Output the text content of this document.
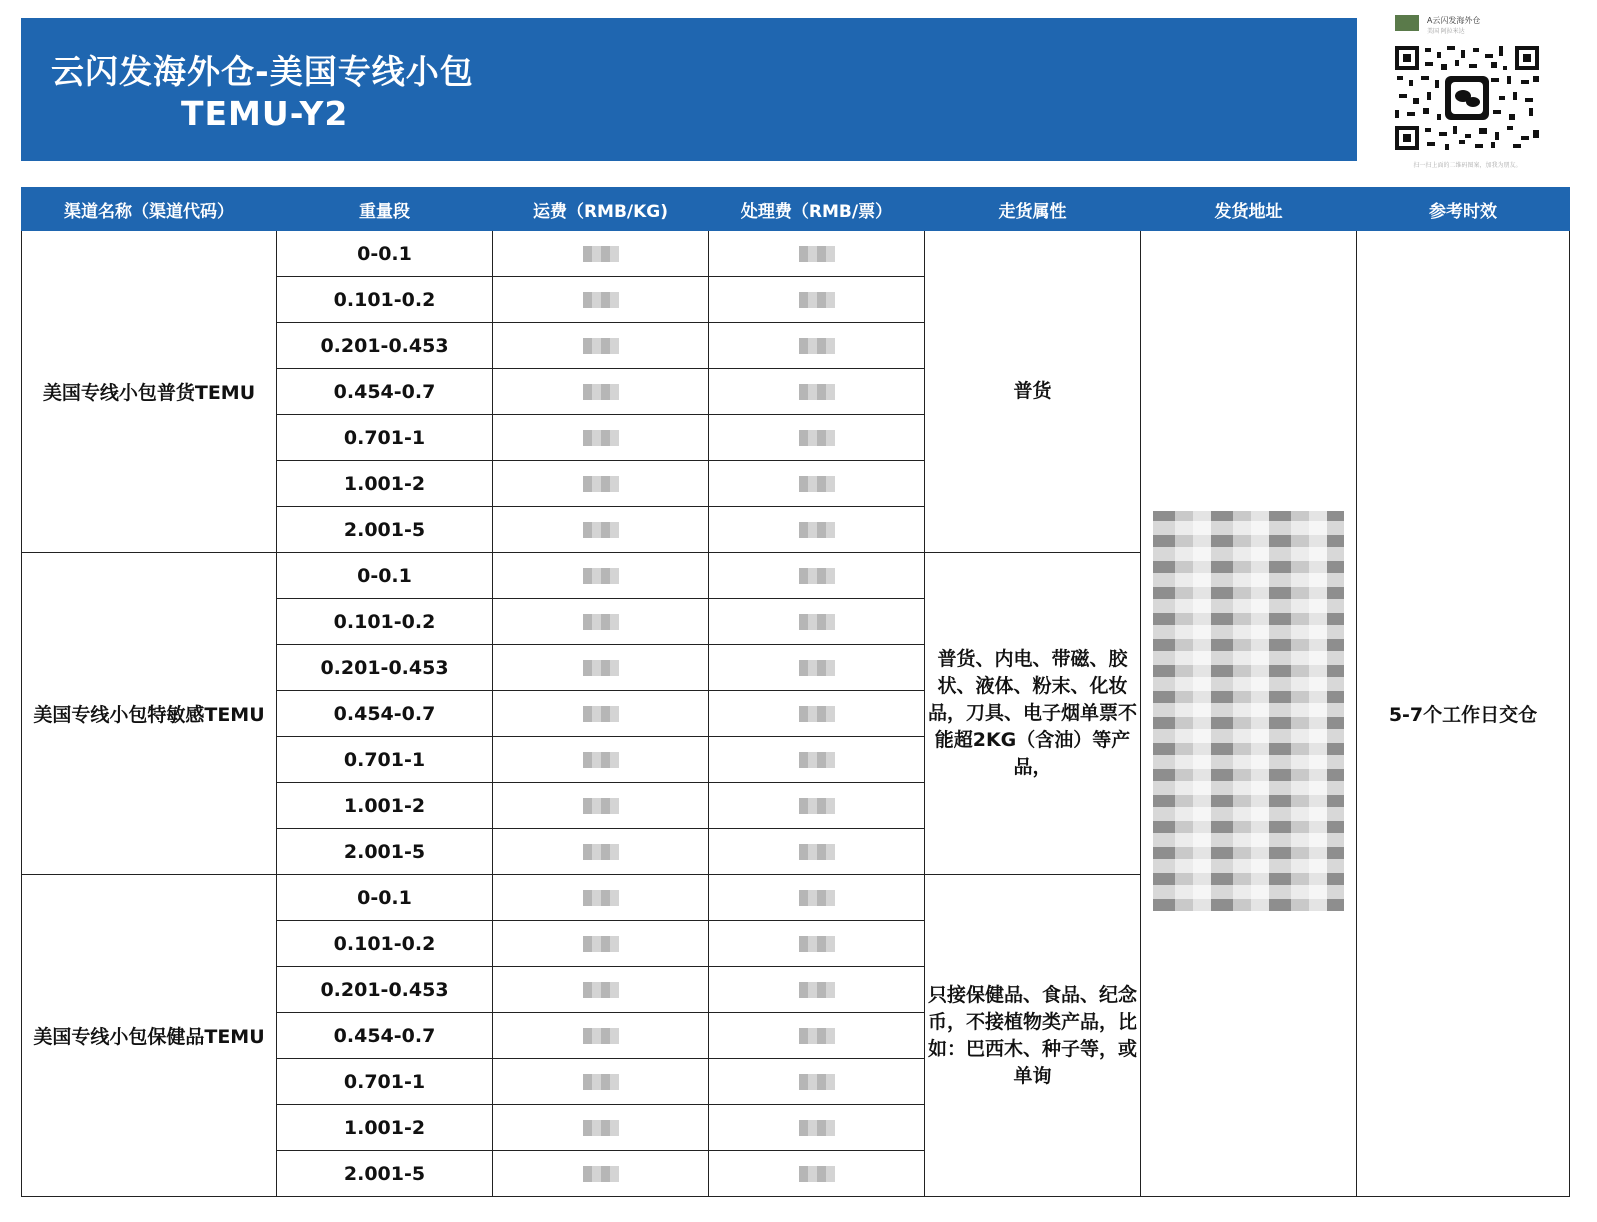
云闪发海外仓-美国专线小包
TEMU-Y2
A云闪发海外仓
美国 阿拉米达
扫一扫上面的二维码图案，加我为朋友。
渠道名称（渠道代码）	重量段	运费（RMB/KG)	处理费（RMB/票）	走货属性	发货地址	参考时效
美国专线小包普货TEMU	0-0.1			普货		5-7个工作日交仓
	0.101-0.2				

	0.201-0.453				

	0.454-0.7				

	0.701-1				

	1.001-2				

	2.001-5				

美国专线小包特敏感TEMU	0-0.1			普货、内电、带磁、胶状、液体、粉末、化妆品，刀具、电子烟单票不能超2KG（含油）等产品，		
	0.101-0.2				

	0.201-0.453				

	0.454-0.7				

	0.701-1				

	1.001-2				

	2.001-5				

美国专线小包保健品TEMU	0-0.1			只接保健品、食品、纪念币，不接植物类产品，比如：巴西木、种子等，或单询		
	0.101-0.2				

	0.201-0.453				

	0.454-0.7				

	0.701-1				

	1.001-2				

	2.001-5				
